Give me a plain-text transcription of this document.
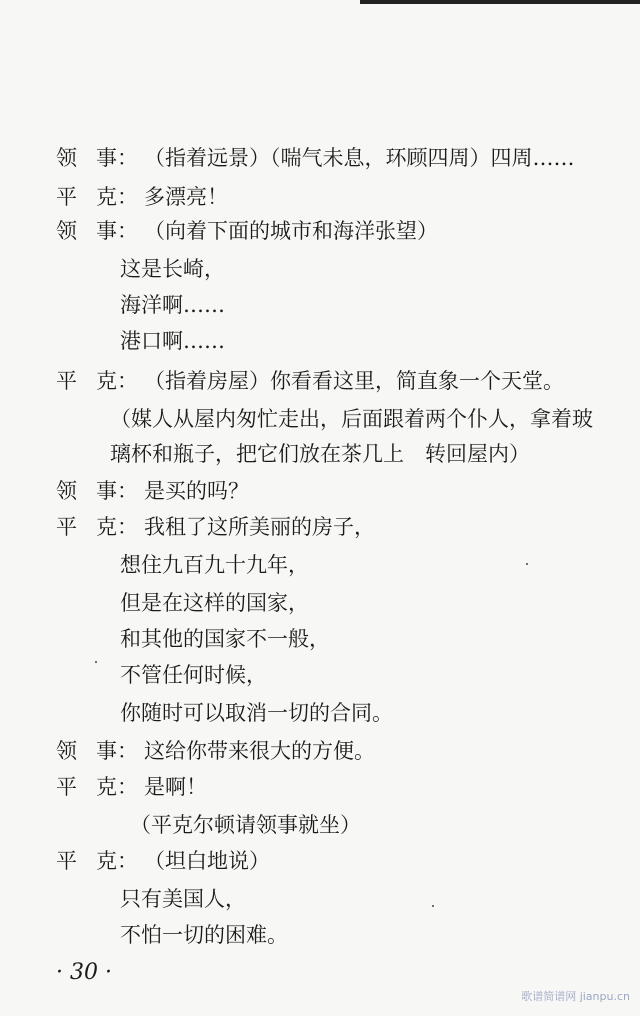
领 事： （指着远景）（喘气未息，环顾四周）四周……
平 克： 多漂亮！
领 事： （向着下面的城市和海洋张望）
这是长崎，
海洋啊……
港口啊……
平 克： （指着房屋）你看看这里，简直象一个天堂。
（媒人从屋内匆忙走出，后面跟着两个仆人，拿着玻
璃杯和瓶子，把它们放在茶几上　转回屋内）
领 事： 是买的吗？
平 克： 我租了这所美丽的房子，
想住九百九十九年，
但是在这样的国家，
和其他的国家不一般，
不管任何时候，
你随时可以取消一切的合同。
领 事： 这给你带来很大的方便。
平 克： 是啊！
（平克尔顿请领事就坐）
平 克： （坦白地说）
只有美国人，
不怕一切的困难。
· 30 ·
歌谱简谱网 jianpu.cn
